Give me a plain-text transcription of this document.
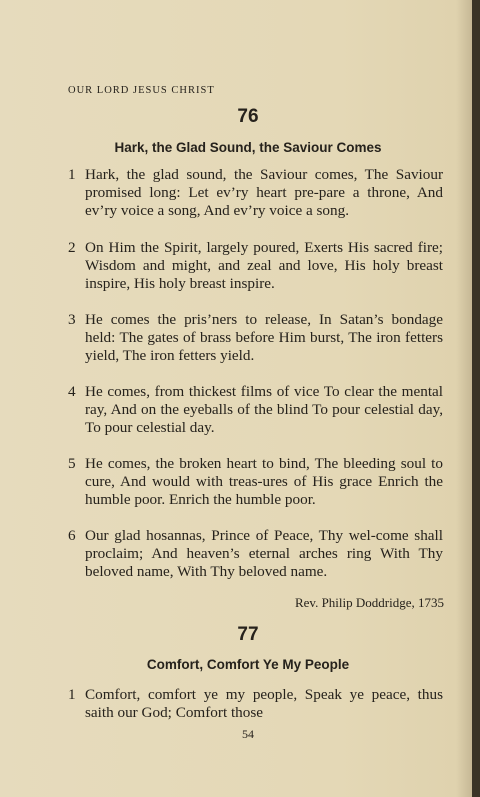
OUR LORD JESUS CHRIST
76
Hark, the Glad Sound, the Saviour Comes
1 Hark, the glad sound, the Saviour comes, The Saviour promised long: Let ev’ry heart pre-pare a throne, And ev’ry voice a song, And ev’ry voice a song.
2 On Him the Spirit, largely poured, Exerts His sacred fire; Wisdom and might, and zeal and love, His holy breast inspire, His holy breast inspire.
3 He comes the pris’ners to release, In Satan’s bondage held: The gates of brass before Him burst, The iron fetters yield, The iron fetters yield.
4 He comes, from thickest films of vice To clear the mental ray, And on the eyeballs of the blind To pour celestial day, To pour celestial day.
5 He comes, the broken heart to bind, The bleeding soul to cure, And would with treas-ures of His grace Enrich the humble poor. Enrich the humble poor.
6 Our glad hosannas, Prince of Peace, Thy wel-come shall proclaim; And heaven’s eternal arches ring With Thy beloved name, With Thy beloved name.
Rev. Philip Doddridge, 1735
77
Comfort, Comfort Ye My People
1 Comfort, comfort ye my people, Speak ye peace, thus saith our God; Comfort those
54
